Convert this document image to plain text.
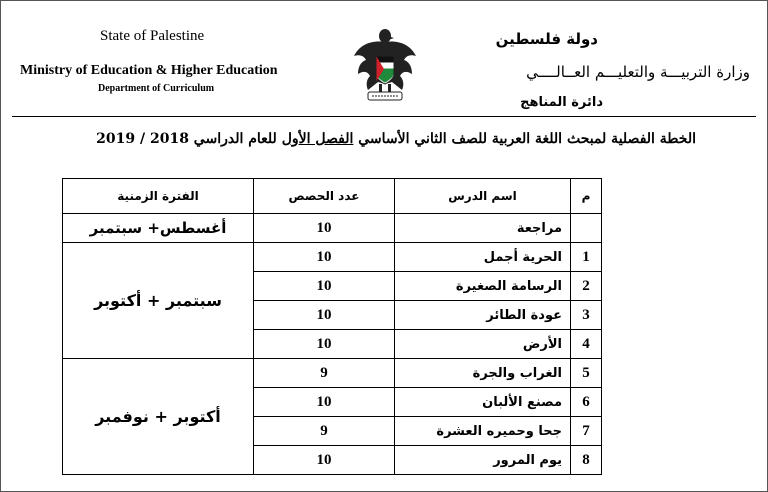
State of Palestine
Ministry of Education & Higher Education
Department of Curriculum
دولة فلسطين
وزارة التربيـــة والتعليـــم العــالــــي
دائرة المناهج
الخطة الفصلية لمبحث اللغة العربية للصف الثاني الأساسي الفصل الأول للعام الدراسي 2018 / 2019
م	اسم الدرس	عدد الحصص	الفترة الزمنية
	مراجعة	10	أغسطس+ سبتمبر
1	الحرية أجمل	10	سبتمبر + أكتوبر
2	الرسامة الصغيرة	10	
3	عودة الطائر	10	
4	الأرض	10	
5	الغراب والجرة	9	أكتوبر + نوفمبر
6	مصنع الألبان	10	
7	جحا وحميره العشرة	9	
8	يوم المرور	10	
